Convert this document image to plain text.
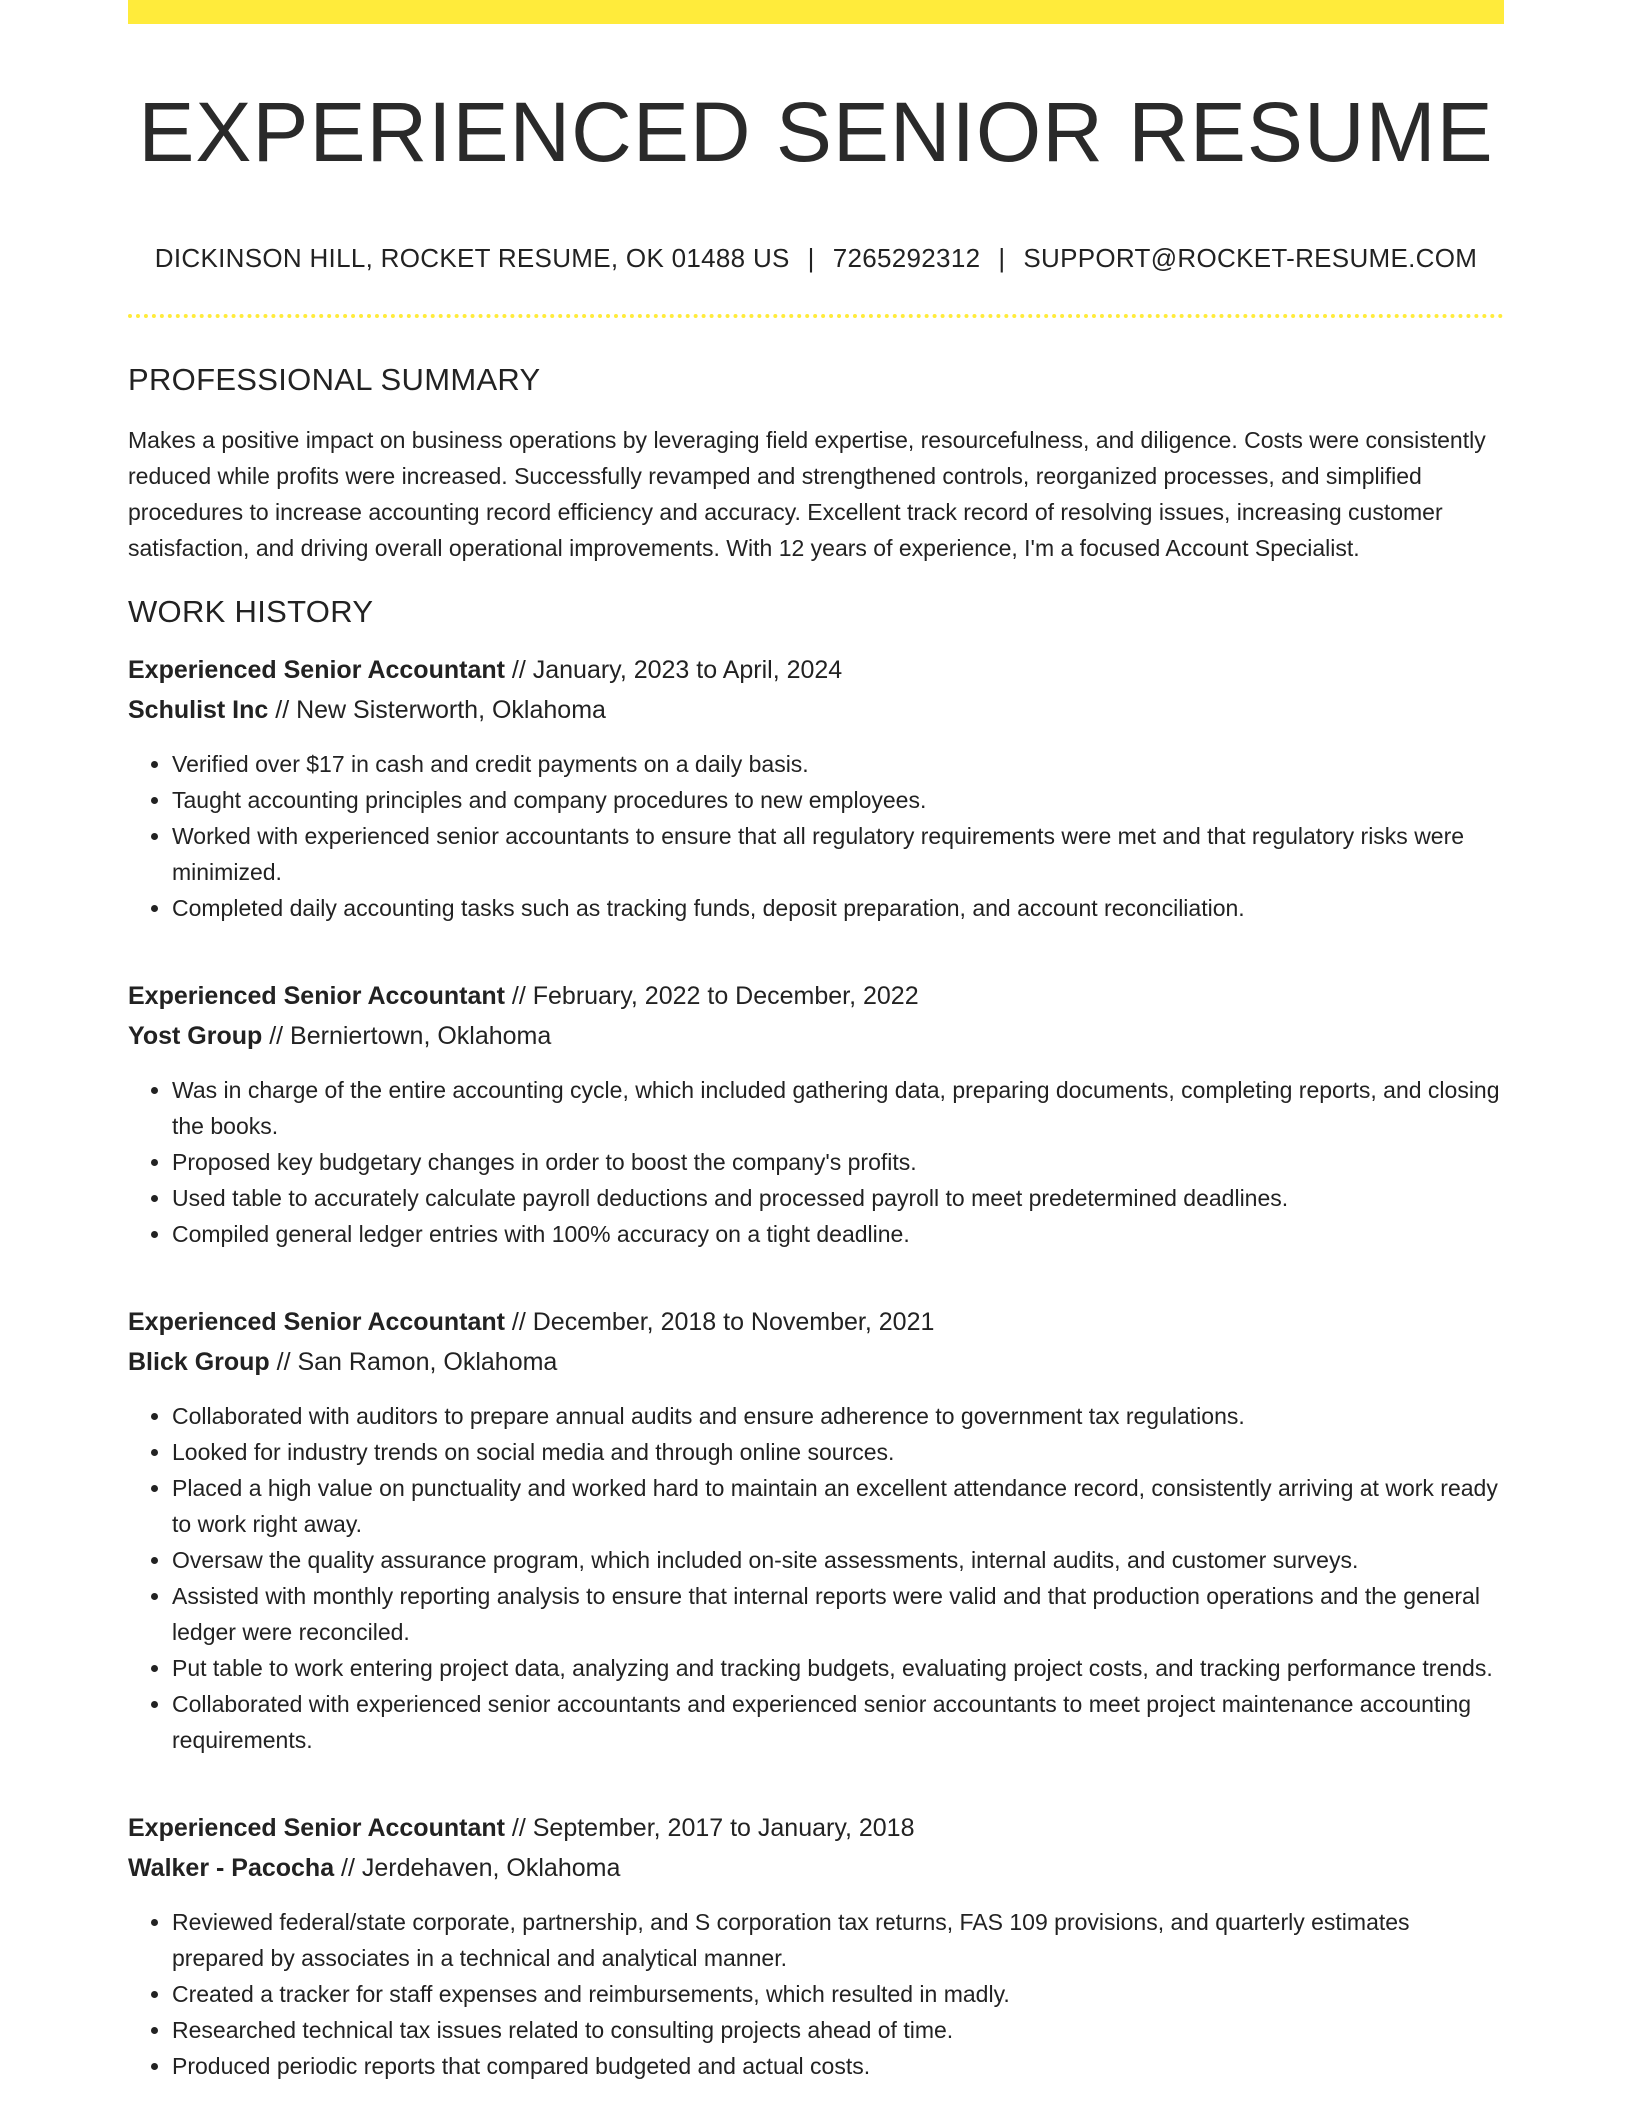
EXPERIENCED SENIOR RESUME
DICKINSON HILL, ROCKET RESUME, OK 01488 US | 7265292312 | SUPPORT@ROCKET-RESUME.COM
PROFESSIONAL SUMMARY
Makes a positive impact on business operations by leveraging field expertise, resourcefulness, and diligence. Costs were consistently reduced while profits were increased. Successfully revamped and strengthened controls, reorganized processes, and simplified procedures to increase accounting record efficiency and accuracy. Excellent track record of resolving issues, increasing customer satisfaction, and driving overall operational improvements. With 12 years of experience, I'm a focused Account Specialist.
WORK HISTORY
Experienced Senior Accountant // January, 2023 to April, 2024
Schulist Inc // New Sisterworth, Oklahoma
• Verified over $17 in cash and credit payments on a daily basis.
• Taught accounting principles and company procedures to new employees.
• Worked with experienced senior accountants to ensure that all regulatory requirements were met and that regulatory risks were minimized.
• Completed daily accounting tasks such as tracking funds, deposit preparation, and account reconciliation.
Experienced Senior Accountant // February, 2022 to December, 2022
Yost Group // Berniertown, Oklahoma
• Was in charge of the entire accounting cycle, which included gathering data, preparing documents, completing reports, and closing the books.
• Proposed key budgetary changes in order to boost the company's profits.
• Used table to accurately calculate payroll deductions and processed payroll to meet predetermined deadlines.
• Compiled general ledger entries with 100% accuracy on a tight deadline.
Experienced Senior Accountant // December, 2018 to November, 2021
Blick Group // San Ramon, Oklahoma
• Collaborated with auditors to prepare annual audits and ensure adherence to government tax regulations.
• Looked for industry trends on social media and through online sources.
• Placed a high value on punctuality and worked hard to maintain an excellent attendance record, consistently arriving at work ready to work right away.
• Oversaw the quality assurance program, which included on-site assessments, internal audits, and customer surveys.
• Assisted with monthly reporting analysis to ensure that internal reports were valid and that production operations and the general ledger were reconciled.
• Put table to work entering project data, analyzing and tracking budgets, evaluating project costs, and tracking performance trends.
• Collaborated with experienced senior accountants and experienced senior accountants to meet project maintenance accounting requirements.
Experienced Senior Accountant // September, 2017 to January, 2018
Walker - Pacocha // Jerdehaven, Oklahoma
• Reviewed federal/state corporate, partnership, and S corporation tax returns, FAS 109 provisions, and quarterly estimates prepared by associates in a technical and analytical manner.
• Created a tracker for staff expenses and reimbursements, which resulted in madly.
• Researched technical tax issues related to consulting projects ahead of time.
• Produced periodic reports that compared budgeted and actual costs.
